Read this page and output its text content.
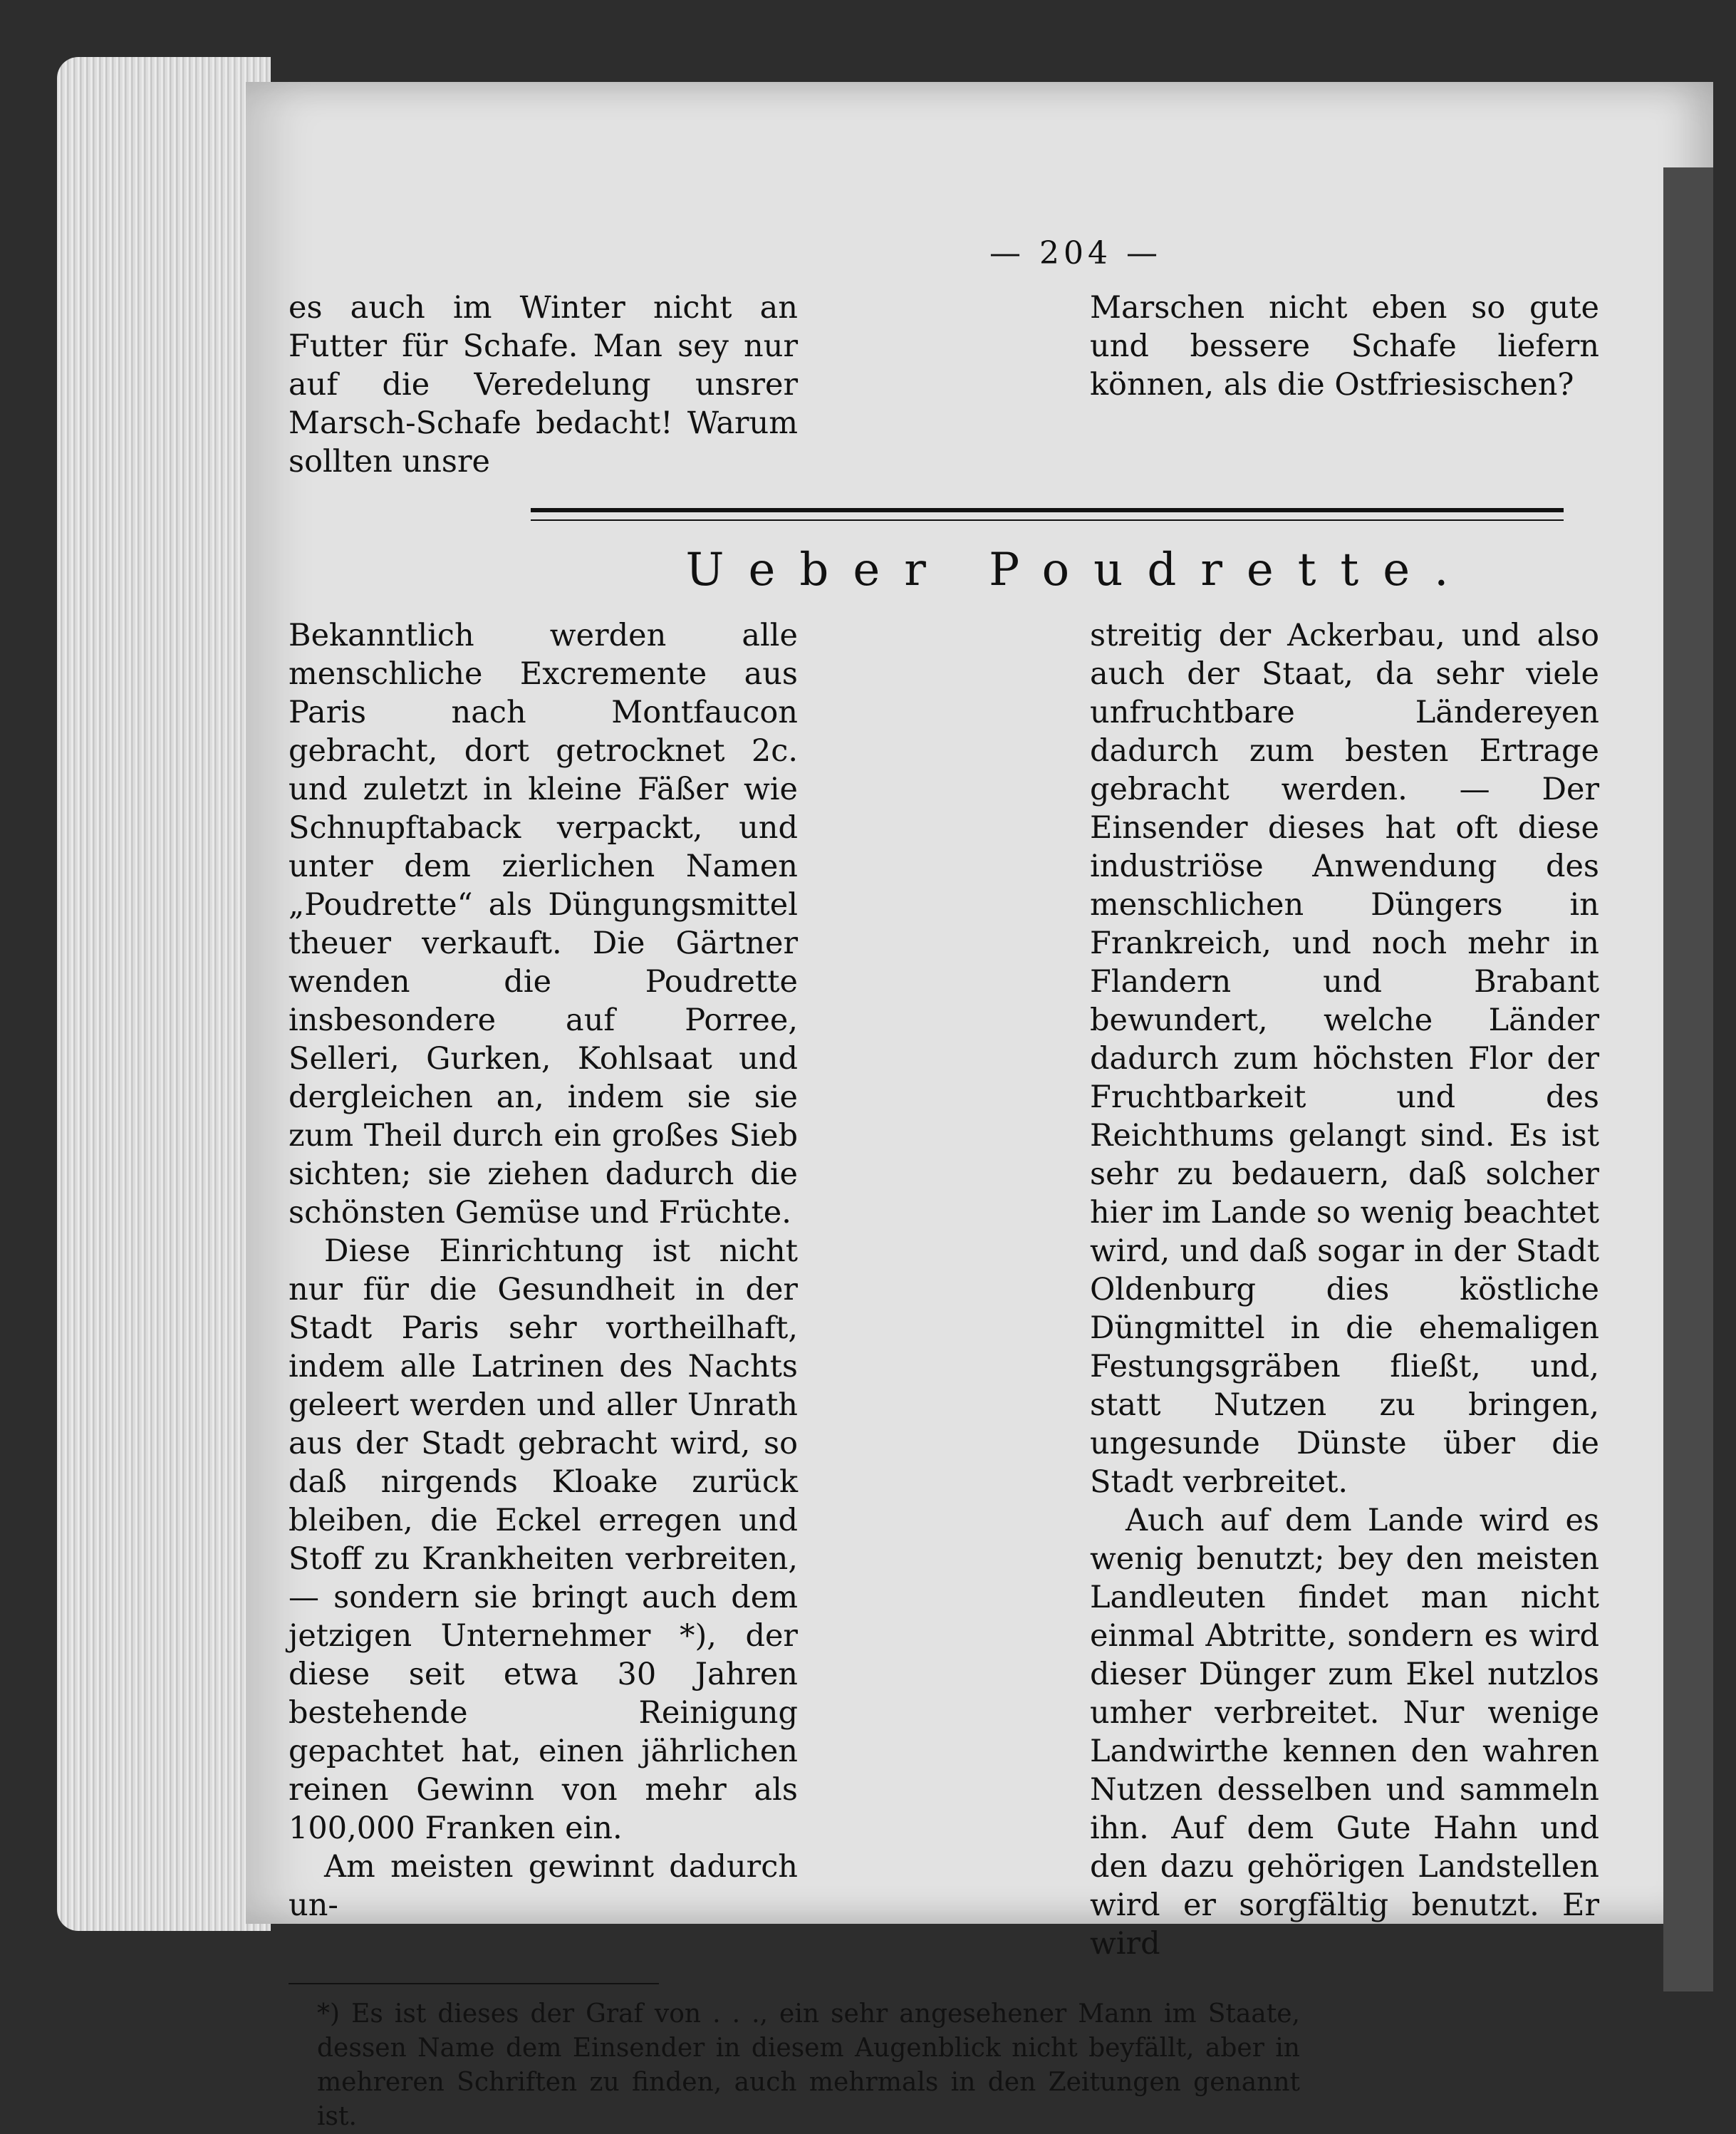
— 204 —

es auch im Winter nicht an Futter für Schafe. Man sey nur auf die Veredelung unsrer Marsch-Schafe bedacht! Warum sollten unsre

Marschen nicht eben so gute und bessere Schafe liefern können, als die Ostfriesischen?

Ueber Poudrette.

Bekanntlich werden alle menschliche Excremente aus Paris nach Montfaucon gebracht, dort getrocknet 2c. und zuletzt in kleine Fäßer wie Schnupftaback verpackt, und unter dem zierlichen Namen „Poudrette“ als Düngungsmittel theuer verkauft. Die Gärtner wenden die Poudrette insbesondere auf Porree, Selleri, Gurken, Kohlsaat und dergleichen an, indem sie sie zum Theil durch ein großes Sieb sichten; sie ziehen dadurch die schönsten Gemüse und Früchte.

Diese Einrichtung ist nicht nur für die Gesundheit in der Stadt Paris sehr vortheilhaft, indem alle Latrinen des Nachts geleert werden und aller Unrath aus der Stadt gebracht wird, so daß nirgends Kloake zurück bleiben, die Eckel erregen und Stoff zu Krankheiten verbreiten, — sondern sie bringt auch dem jetzigen Unternehmer *), der diese seit etwa 30 Jahren bestehende Reinigung gepachtet hat, einen jährlichen reinen Gewinn von mehr als 100,000 Franken ein.

Am meisten gewinnt dadurch un-

streitig der Ackerbau, und also auch der Staat, da sehr viele unfruchtbare Ländereyen dadurch zum besten Ertrage gebracht werden. — Der Einsender dieses hat oft diese industriöse Anwendung des menschlichen Düngers in Frankreich, und noch mehr in Flandern und Brabant bewundert, welche Länder dadurch zum höchsten Flor der Fruchtbarkeit und des Reichthums gelangt sind. Es ist sehr zu bedauern, daß solcher hier im Lande so wenig beachtet wird, und daß sogar in der Stadt Oldenburg dies köstliche Düngmittel in die ehemaligen Festungsgräben fließt, und, statt Nutzen zu bringen, ungesunde Dünste über die Stadt verbreitet.

Auch auf dem Lande wird es wenig benutzt; bey den meisten Landleuten findet man nicht einmal Abtritte, sondern es wird dieser Dünger zum Ekel nutzlos umher verbreitet. Nur wenige Landwirthe kennen den wahren Nutzen desselben und sammeln ihn. Auf dem Gute Hahn und den dazu gehörigen Landstellen wird er sorgfältig benutzt. Er wird

*) Es ist dieses der Graf von . . ., ein sehr angesehener Mann im Staate, dessen Name dem Einsender in diesem Augenblick nicht beyfällt, aber in mehreren Schriften zu finden, auch mehrmals in den Zeitungen genannt ist.
